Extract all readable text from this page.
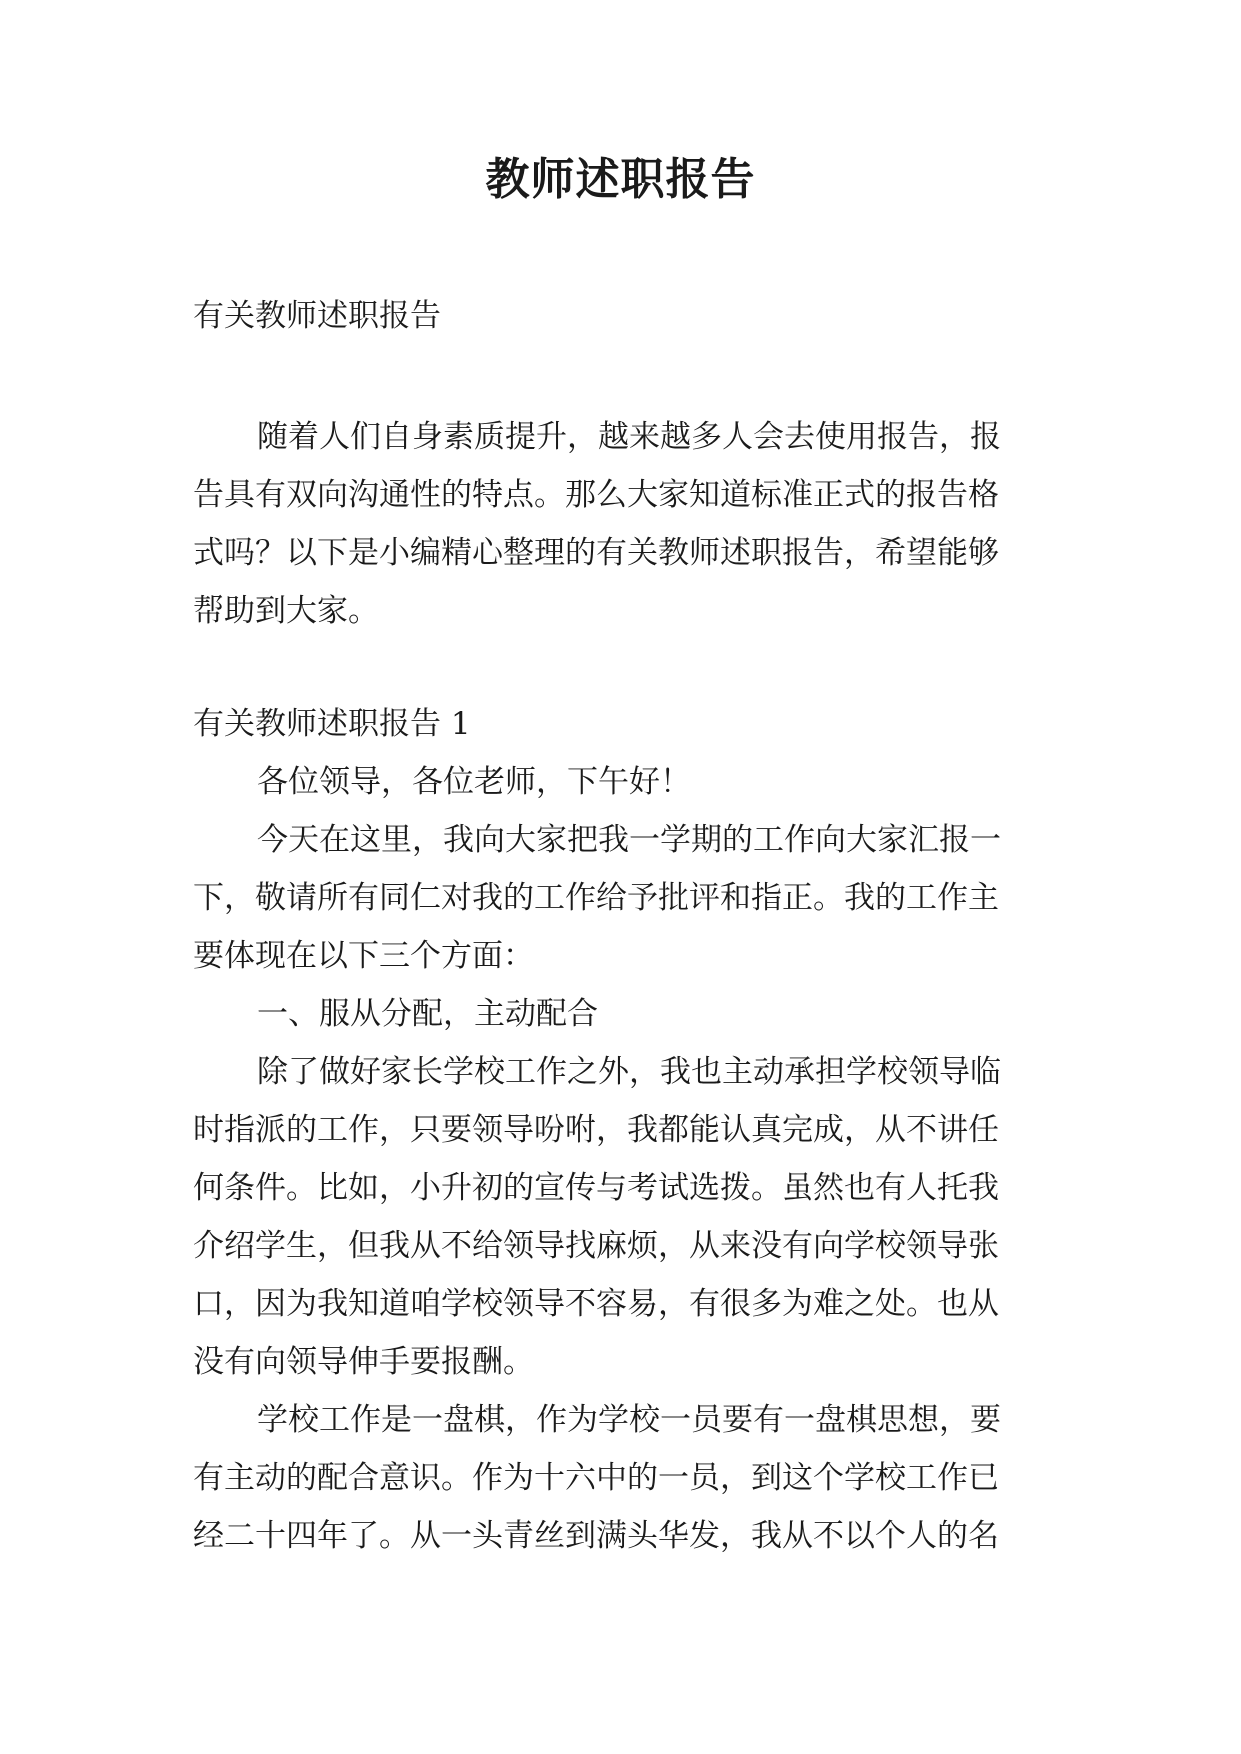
教师述职报告

有关教师述职报告

随着人们自身素质提升，越来越多人会去使用报告，报
告具有双向沟通性的特点。那么大家知道标准正式的报告格
式吗？以下是小编精心整理的有关教师述职报告，希望能够
帮助到大家。

有关教师述职报告 1

各位领导，各位老师，下午好！
今天在这里，我向大家把我一学期的工作向大家汇报一
下，敬请所有同仁对我的工作给予批评和指正。我的工作主
要体现在以下三个方面：
一、服从分配，主动配合
除了做好家长学校工作之外，我也主动承担学校领导临
时指派的工作，只要领导吩咐，我都能认真完成，从不讲任
何条件。比如，小升初的宣传与考试选拨。虽然也有人托我
介绍学生，但我从不给领导找麻烦，从来没有向学校领导张
口，因为我知道咱学校领导不容易，有很多为难之处。也从
没有向领导伸手要报酬。
学校工作是一盘棋，作为学校一员要有一盘棋思想，要
有主动的配合意识。作为十六中的一员，到这个学校工作已
经二十四年了。从一头青丝到满头华发，我从不以个人的名
